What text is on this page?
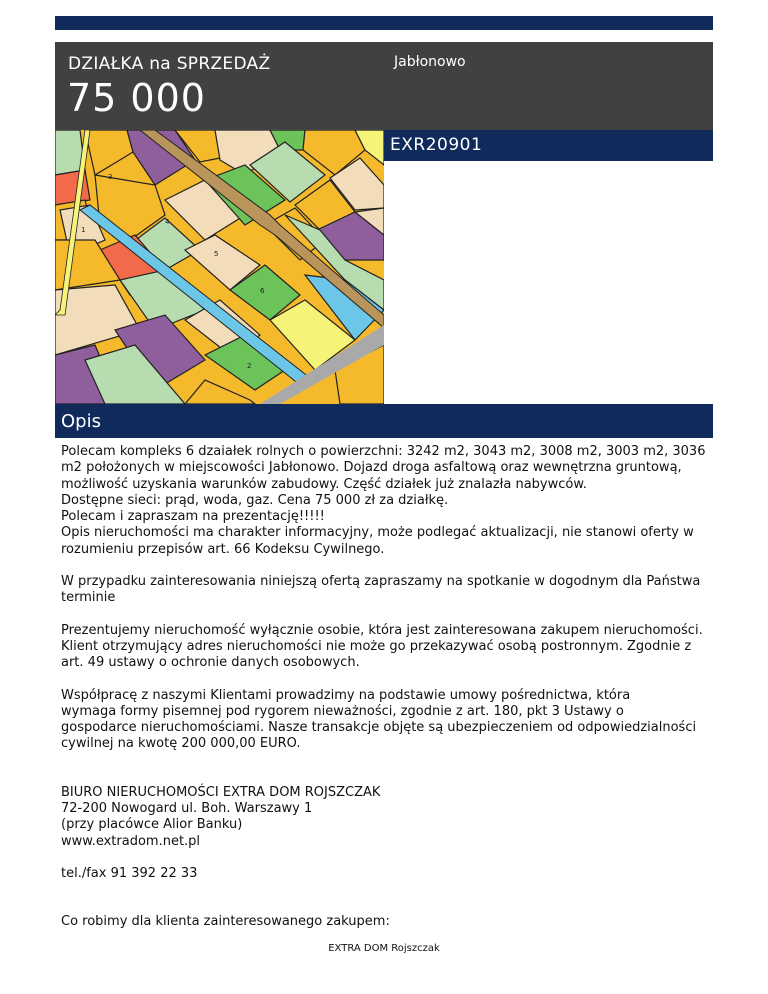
DZIAŁKA na SPRZEDAŻ
75 000
Jabłonowo
1
2
3
4
5
6
EXR20901
Opis

Polecam kompleks 6 dzaiałek rolnych o powierzchni: 3242 m2, 3043 m2, 3008 m2, 3003 m2, 3036
m2 położonych w miejscowości Jabłonowo. Dojazd droga asfaltową oraz wewnętrzna gruntową,
możliwość uzyskania warunków zabudowy. Część działek już znalazła nabywców.
Dostępne sieci: prąd, woda, gaz. Cena 75 000 zł za działkę.
Polecam i zapraszam na prezentację!!!!!
Opis nieruchomości ma charakter informacyjny, może podlegać aktualizacji, nie stanowi oferty w
rozumieniu przepisów art. 66 Kodeksu Cywilnego.

W przypadku zainteresowania niniejszą ofertą zapraszamy na spotkanie w dogodnym dla Państwa
terminie

Prezentujemy nieruchomość wyłącznie osobie, która jest zainteresowana zakupem nieruchomości.
Klient otrzymujący adres nieruchomości nie może go przekazywać osobą postronnym. Zgodnie z
art. 49 ustawy o ochronie danych osobowych.

Współpracę z naszymi Klientami prowadzimy na podstawie umowy pośrednictwa, która
wymaga formy pisemnej pod rygorem nieważności, zgodnie z art. 180, pkt 3 Ustawy o
gospodarce nieruchomościami. Nasze transakcje objęte są ubezpieczeniem od odpowiedzialności
cywilnej na kwotę 200 000,00 EURO.

BIURO NIERUCHOMOŚCI EXTRA DOM ROJSZCZAK
72-200 Nowogard ul. Boh. Warszawy 1
(przy placówce Alior Banku)
www.extradom.net.pl

tel./fax 91 392 22 33

Co robimy dla klienta zainteresowanego zakupem:

EXTRA DOM Rojszczak
